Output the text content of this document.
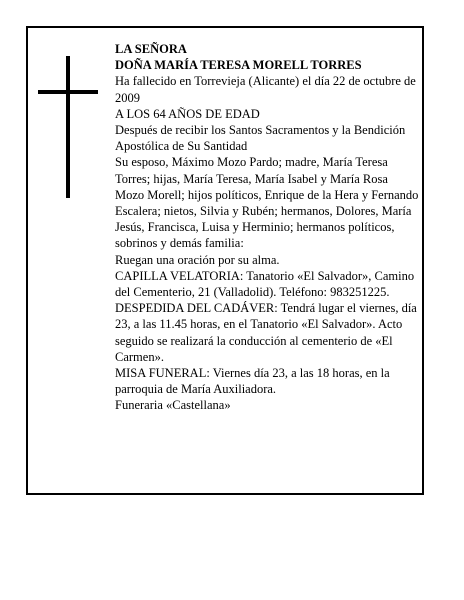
LA SEÑORA

DOÑA MARÍA TERESA MORELL TORRES

Ha fallecido en Torrevieja (Alicante) el día 22 de octubre de 2009

A LOS 64 AÑOS DE EDAD

Después de recibir los Santos Sacramentos y la Bendición Apostólica de Su Santidad

Su esposo, Máximo Mozo Pardo; madre, María Teresa Torres; hijas, María Teresa, María Isabel y María Rosa Mozo Morell; hijos políticos, Enrique de la Hera y Fernando Escalera; nietos, Silvia y Rubén; hermanos, Dolores, María Jesús, Francisca, Luisa y Herminio; hermanos políticos, sobrinos y demás familia:

Ruegan una oración por su alma.

CAPILLA VELATORIA: Tanatorio «El Salvador», Camino del Cementerio, 21 (Valladolid). Teléfono: 983251225.

DESPEDIDA DEL CADÁVER: Tendrá lugar el viernes, día 23, a las 11.45 horas, en el Tanatorio «El Salvador». Acto seguido se realizará la conducción al cementerio de «El Carmen».

MISA FUNERAL: Viernes día 23, a las 18 horas, en la parroquia de María Auxiliadora.

Funeraria «Castellana»
